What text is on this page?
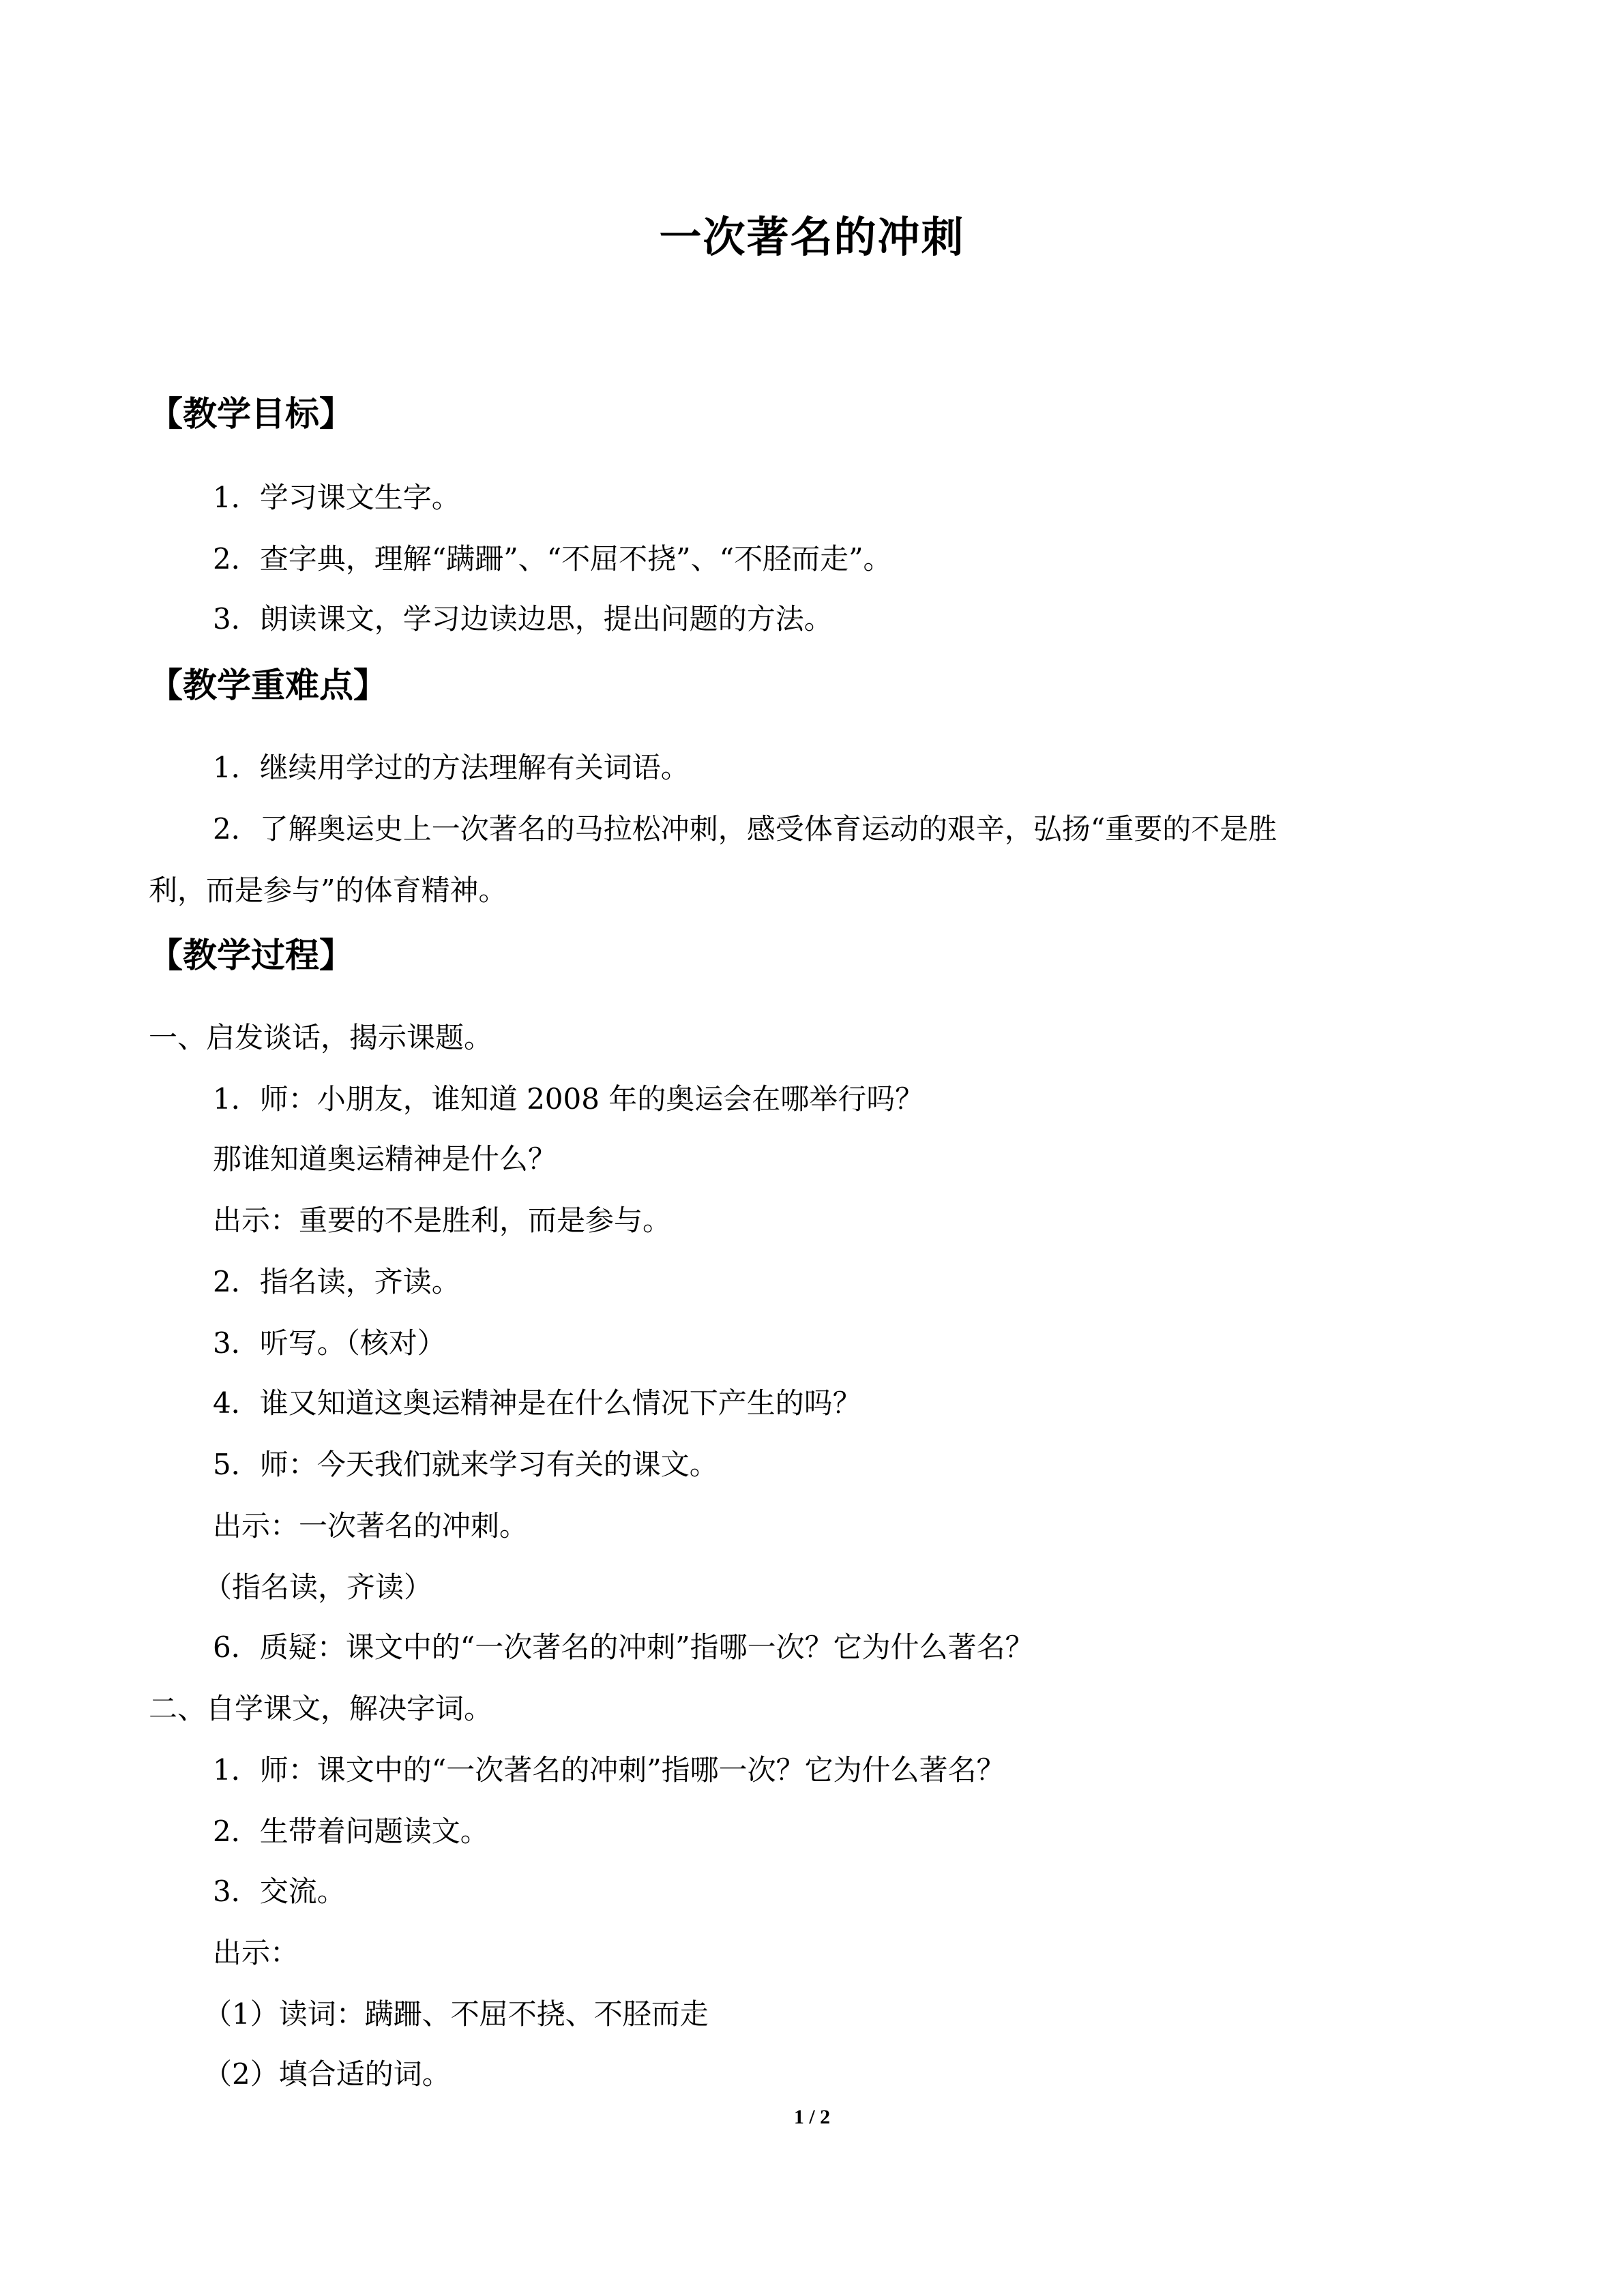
一次著名的冲刺
【教学目标】
1．学习课文生字。
2．查字典，理解“蹒跚”、“不屈不挠”、“不胫而走”。
3．朗读课文，学习边读边思，提出问题的方法。
【教学重难点】
1．继续用学过的方法理解有关词语。
2．了解奥运史上一次著名的马拉松冲刺，感受体育运动的艰辛，弘扬“重要的不是胜
利，而是参与”的体育精神。
【教学过程】
一、启发谈话，揭示课题。
1．师：小朋友，谁知道 2008 年的奥运会在哪举行吗？
那谁知道奥运精神是什么？
出示：重要的不是胜利，而是参与。
2．指名读，齐读。
3．听写。（核对）
4．谁又知道这奥运精神是在什么情况下产生的吗？
5．师：今天我们就来学习有关的课文。
出示：一次著名的冲刺。
（指名读，齐读）
6．质疑：课文中的“一次著名的冲刺”指哪一次？它为什么著名？
二、自学课文，解决字词。
1．师：课文中的“一次著名的冲刺”指哪一次？它为什么著名？
2．生带着问题读文。
3．交流。
出示：
（1）读词：蹒跚、不屈不挠、不胫而走
（2）填合适的词。
1 / 2
